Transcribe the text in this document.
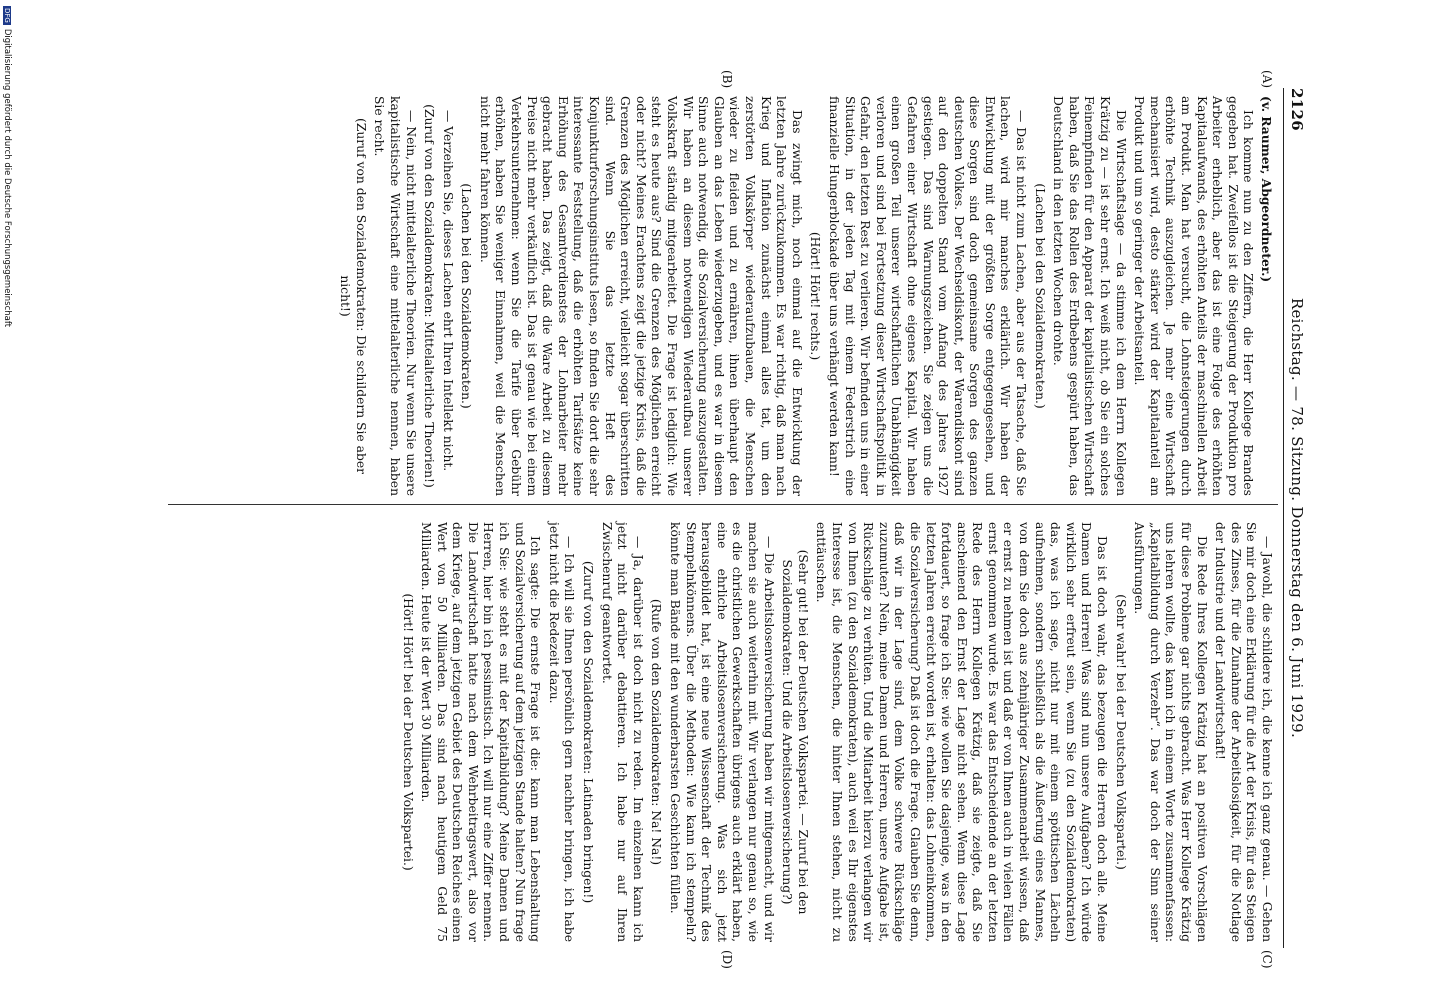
2126
Reichstag. — 78. Sitzung. Donnerstag den 6. Juni 1929.
(A)
(B)
(C)
(D)

(v. Raumer, Abgeordneter.)

Ich komme nun zu den Ziffern, die Herr Kollege Brandes gegeben hat. Zweifellos ist die Steigerung der Produktion pro Arbeiter erheblich, aber das ist eine Folge des erhöhten Kapitalaufwands, des erhöhten Anteils der maschinellen Arbeit am Produkt. Man hat versucht, die Lohnsteigerungen durch erhöhte Technik auszugleichen. Je mehr eine Wirtschaft mechanisiert wird, desto stärker wird der Kapitalanteil am Produkt und um so geringer der Arbeitsanteil.

Die Wirtschaftslage — da stimme ich dem Herrn Kollegen Krätzig zu — ist sehr ernst. Ich weiß nicht, ob Sie ein solches Feinempfinden für den Apparat der kapitalistischen Wirtschaft haben, daß Sie das Rollen des Erdbebens gespürt haben, das Deutschland in den letzten Wochen drohte.

(Lachen bei den Sozialdemokraten.)

— Das ist nicht zum Lachen, aber aus der Tatsache, daß Sie lachen, wird mir manches erklärlich. Wir haben der Entwicklung mit der größten Sorge entgegengesehen, und diese Sorgen sind doch gemeinsame Sorgen des ganzen deutschen Volkes. Der Wechseldiskont, der Warendiskont sind auf den doppelten Stand vom Anfang des Jahres 1927 gestiegen. Das sind Warnungszeichen. Sie zeigen uns die Gefahren einer Wirtschaft ohne eigenes Kapital. Wir haben einen großen Teil unserer wirtschaftlichen Unabhängigkeit verloren und sind bei Fortsetzung dieser Wirtschaftspolitik in Gefahr, den letzten Rest zu verlieren. Wir befinden uns in einer Situation, in der jeden Tag mit einem Federstrich eine finanzielle Hungerblockade über uns verhängt werden kann!

(Hört! Hört! rechts.)

Das zwingt mich, noch einmal auf die Entwicklung der letzten Jahre zurückzukommen. Es war richtig, daß man nach Krieg und Inflation zunächst einmal alles tat, um den zerstörten Volkskörper wiederaufzubauen, die Menschen wieder zu fleiden und zu ernähren, ihnen überhaupt den Glauben an das Leben wiederzugeben, und es war in diesem Sinne auch notwendig, die Sozialversicherung auszugestalten. Wir haben an diesem notwendigen Wiederaufbau unserer Volkskraft ständig mitgearbeitet. Die Frage ist lediglich: Wie steht es heute aus? Sind die Grenzen des Möglichen erreicht oder nicht? Meines Erachtens zeigt die jetzige Krisis, daß die Grenzen des Möglichen erreicht, vielleicht sogar überschritten sind. Wenn Sie das letzte Heft des Konjunkturforschungsinstituts lesen, so finden Sie dort die sehr interessante Feststellung, daß die erhöhten Tarifsätze keine Erhöhung des Gesamtverdienstes der Lohnarbeiter mehr gebracht haben. Das zeigt, daß die Ware Arbeit zu diesem Preise nicht mehr verkäuflich ist. Das ist genau wie bei einem Verkehrsunternehmen: wenn Sie die Tarife über Gebühr erhöhen, haben Sie weniger Einnahmen, weil die Menschen nicht mehr fahren können.

(Lachen bei den Sozialdemokraten.)

— Verzeihen Sie, dieses Lachen ehrt Ihren Intellekt nicht.

(Zuruf von den Sozialdemokraten: Mittelalterliche Theorien!)

— Nein, nicht mittelalterliche Theorien. Nur wenn Sie unsere kapitalistische Wirtschaft eine mittelalterliche nennen, haben Sie recht.

(Zuruf von den Sozialdemokraten: Die schildern Sie aber nicht!)

— Jawohl, die schildere ich, die kenne ich ganz genau. — Gehen Sie mir doch eine Erklärung für die Art der Krisis, für das Steigen des Zinses, für die Zunahme der Arbeitslosigkeit, für die Notlage der Industrie und der Landwirtschaft!

Die Rede Ihres Kollegen Krätzig hat an positiven Vorschlägen für diese Probleme gar nichts gebracht. Was Herr Kollege Krätzig uns lehren wollte, das kann ich in einem Worte zusammenfassen: „Kapitalbildung durch Verzehr“. Das war doch der Sinn seiner Ausführungen.

(Sehr wahr! bei der Deutschen Volkspartei.)

Das ist doch wahr, das bezeugen die Herren doch alle. Meine Damen und Herren! Was sind nun unsere Aufgaben? Ich würde wirklich sehr erfreut sein, wenn Sie (zu den Sozialdemokraten) das, was ich sage, nicht nur mit einem spöttischen Lächeln aufnehmen, sondern schließlich als die Äußerung eines Mannes, von dem Sie doch aus zehnjähriger Zusammenarbeit wissen, daß er ernst zu nehmen ist und daß er von Ihnen auch in vielen Fällen ernst genommen wurde. Es war das Entscheidende an der letzten Rede des Herrn Kollegen Krätzig, daß sie zeigte, daß Sie anscheinend den Ernst der Lage nicht sehen. Wenn diese Lage fortdauert, so frage ich Sie: wie wollen Sie dasjenige, was in den letzten Jahren erreicht worden ist, erhalten: das Lohneinkommen, die Sozialversicherung? Daß ist doch die Frage. Glauben Sie denn, daß wir in der Lage sind, dem Volke schwere Rückschläge zuzumuten? Nein, meine Damen und Herren, unsere Aufgabe ist, Rückschläge zu verhüten. Und die Mitarbeit hierzu verlangen wir von Ihnen (zu den Sozialdemokraten), auch weil es Ihr eigenstes Interesse ist, die Menschen, die hinter Ihnen stehen, nicht zu enttäuschen.

(Sehr gut! bei der Deutschen Volkspartei. — Zuruf bei den Sozialdemokraten: Und die Arbeitslosenversicherung?)

— Die Arbeitslosenversicherung haben wir mitgemacht, und wir machen sie auch weiterhin mit. Wir verlangen nur genau so, wie es die christlichen Gewerkschaften übrigens auch erklärt haben, eine ehrliche Arbeitslosenversicherung. Was sich jetzt herausgebildet hat, ist eine neue Wissenschaft der Technik des Stempelnkönnens. Über die Methoden: Wie kann ich stempeln? könnte man Bände mit den wunderbarsten Geschichten füllen.

(Rufe von den Sozialdemokraten: Na! Na!)

— Ja, darüber ist doch nicht zu reden. Im einzelnen kann ich jetzt nicht darüber debattieren. Ich habe nur auf Ihren Zwischenruf geantwortet.

(Zuruf von den Sozialdemokraten: Latinaden bringen!)

— Ich will sie Ihnen persönlich gern nachher bringen, ich habe jetzt nicht die Redezeit dazu.

Ich sagte: Die ernste Frage ist die: kann man Lebenshaltung und Sozialversicherung auf dem jetzigen Stande halten? Nun frage ich Sie: wie steht es mit der Kapitalbildung? Meine Damen und Herren, hier bin ich pessimistisch. Ich will nur eine Ziffer nennen. Die Landwirtschaft hatte nach dem Wehrbeitragswert, also vor dem Kriege, auf dem jetzigen Gebiet des Deutschen Reiches einen Wert von 50 Milliarden. Das sind nach heutigem Geld 75 Milliarden. Heute ist der Wert 30 Milliarden.

(Hört! Hört! bei der Deutschen Volkspartei.)

DFGDigitalisierung gefördert durch die Deutsche Forschungsgemeinschaft
